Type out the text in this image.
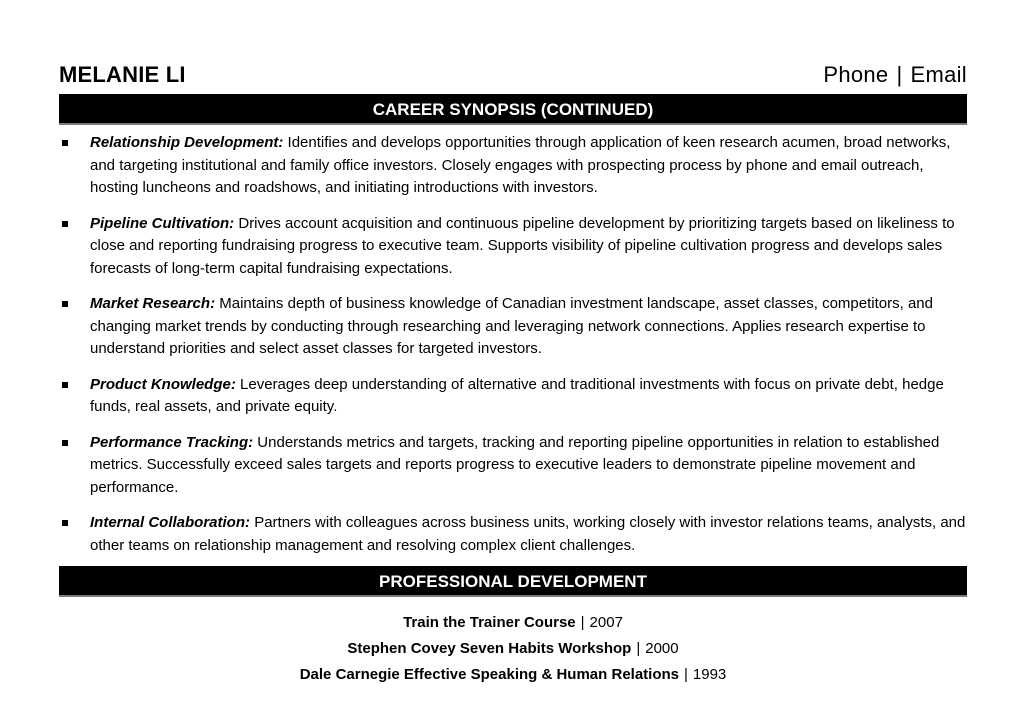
MELANIE LI	Phone | Email
CAREER SYNOPSIS (CONTINUED)
Relationship Development: Identifies and develops opportunities through application of keen research acumen, broad networks, and targeting institutional and family office investors. Closely engages with prospecting process by phone and email outreach, hosting luncheons and roadshows, and initiating introductions with investors.
Pipeline Cultivation: Drives account acquisition and continuous pipeline development by prioritizing targets based on likeliness to close and reporting fundraising progress to executive team. Supports visibility of pipeline cultivation progress and develops sales forecasts of long-term capital fundraising expectations.
Market Research: Maintains depth of business knowledge of Canadian investment landscape, asset classes, competitors, and changing market trends by conducting through researching and leveraging network connections. Applies research expertise to understand priorities and select asset classes for targeted investors.
Product Knowledge: Leverages deep understanding of alternative and traditional investments with focus on private debt, hedge funds, real assets, and private equity.
Performance Tracking: Understands metrics and targets, tracking and reporting pipeline opportunities in relation to established metrics. Successfully exceed sales targets and reports progress to executive leaders to demonstrate pipeline movement and performance.
Internal Collaboration: Partners with colleagues across business units, working closely with investor relations teams, analysts, and other teams on relationship management and resolving complex client challenges.
PROFESSIONAL DEVELOPMENT
Train the Trainer Course | 2007
Stephen Covey Seven Habits Workshop | 2000
Dale Carnegie Effective Speaking & Human Relations | 1993
